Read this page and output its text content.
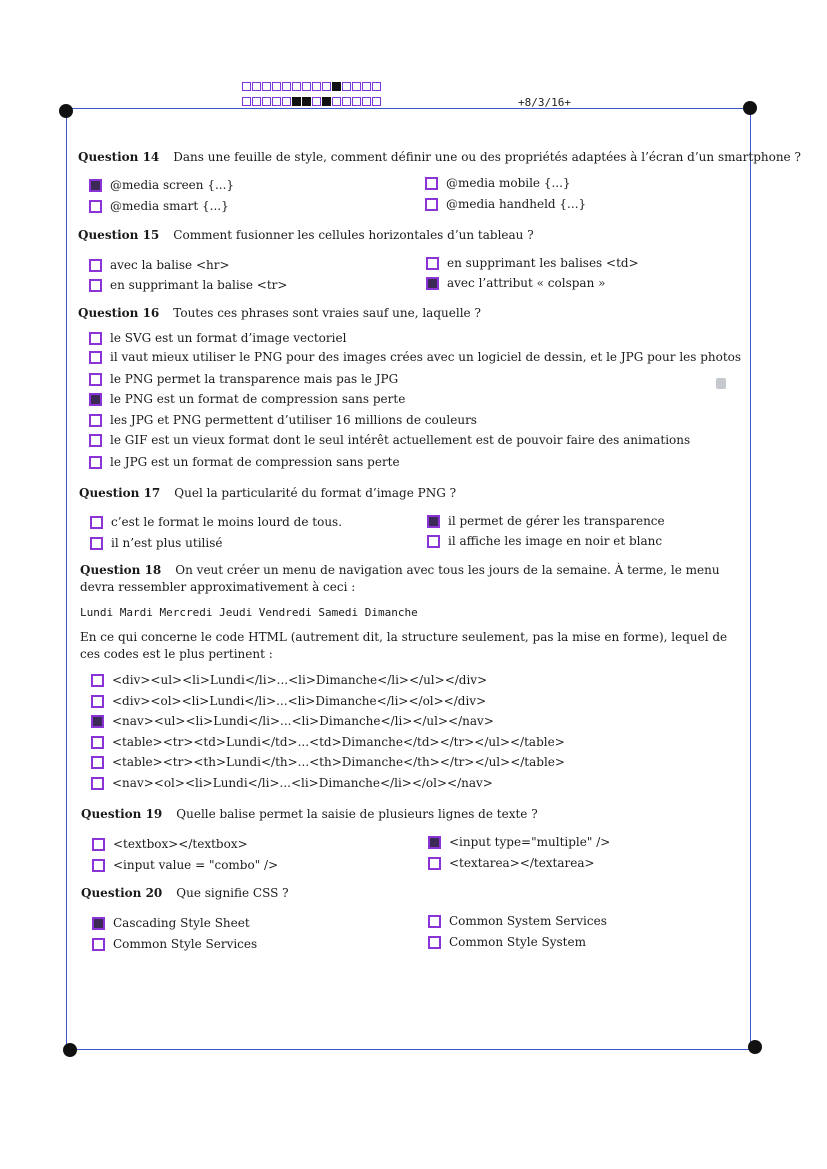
+8/3/16+
Question 14 Dans une feuille de style, comment définir une ou des propriétés adaptées à l’écran d’un smartphone ?
@media screen {...}	@media mobile {...}
@media smart {...}	@media handheld {...}
Question 15 Comment fusionner les cellules horizontales d’un tableau ?
avec la balise <hr>	en supprimant les balises <td>
en supprimant la balise <tr>	avec l’attribut « colspan »
Question 16 Toutes ces phrases sont vraies sauf une, laquelle ?
le SVG est un format d’image vectoriel
il vaut mieux utiliser le PNG pour des images crées avec un logiciel de dessin, et le JPG pour les photos
le PNG permet la transparence mais pas le JPG
le PNG est un format de compression sans perte
les JPG et PNG permettent d’utiliser 16 millions de couleurs
le GIF est un vieux format dont le seul intérêt actuellement est de pouvoir faire des animations
le JPG est un format de compression sans perte
Question 17 Quel la particularité du format d’image PNG ?
c’est le format le moins lourd de tous.	il permet de gérer les transparence
il n’est plus utilisé	il affiche les image en noir et blanc
Question 18 On veut créer un menu de navigation avec tous les jours de la semaine. À terme, le menu devra ressembler approximativement à ceci :
Lundi Mardi Mercredi Jeudi Vendredi Samedi Dimanche
En ce qui concerne le code HTML (autrement dit, la structure seulement, pas la mise en forme), lequel de ces codes est le plus pertinent :
<div><ul><li>Lundi</li>...<li>Dimanche</li></ul></div>
<div><ol><li>Lundi</li>...<li>Dimanche</li></ol></div>
<nav><ul><li>Lundi</li>...<li>Dimanche</li></ul></nav>
<table><tr><td>Lundi</td>...<td>Dimanche</td></tr></ul></table>
<table><tr><th>Lundi</th>...<th>Dimanche</th></tr></ul></table>
<nav><ol><li>Lundi</li>...<li>Dimanche</li></ol></nav>
Question 19 Quelle balise permet la saisie de plusieurs lignes de texte ?
<textbox></textbox>	<input type="multiple" />
<input value = "combo" />	<textarea></textarea>
Question 20 Que signifie CSS ?
Cascading Style Sheet	Common System Services
Common Style Services	Common Style System
